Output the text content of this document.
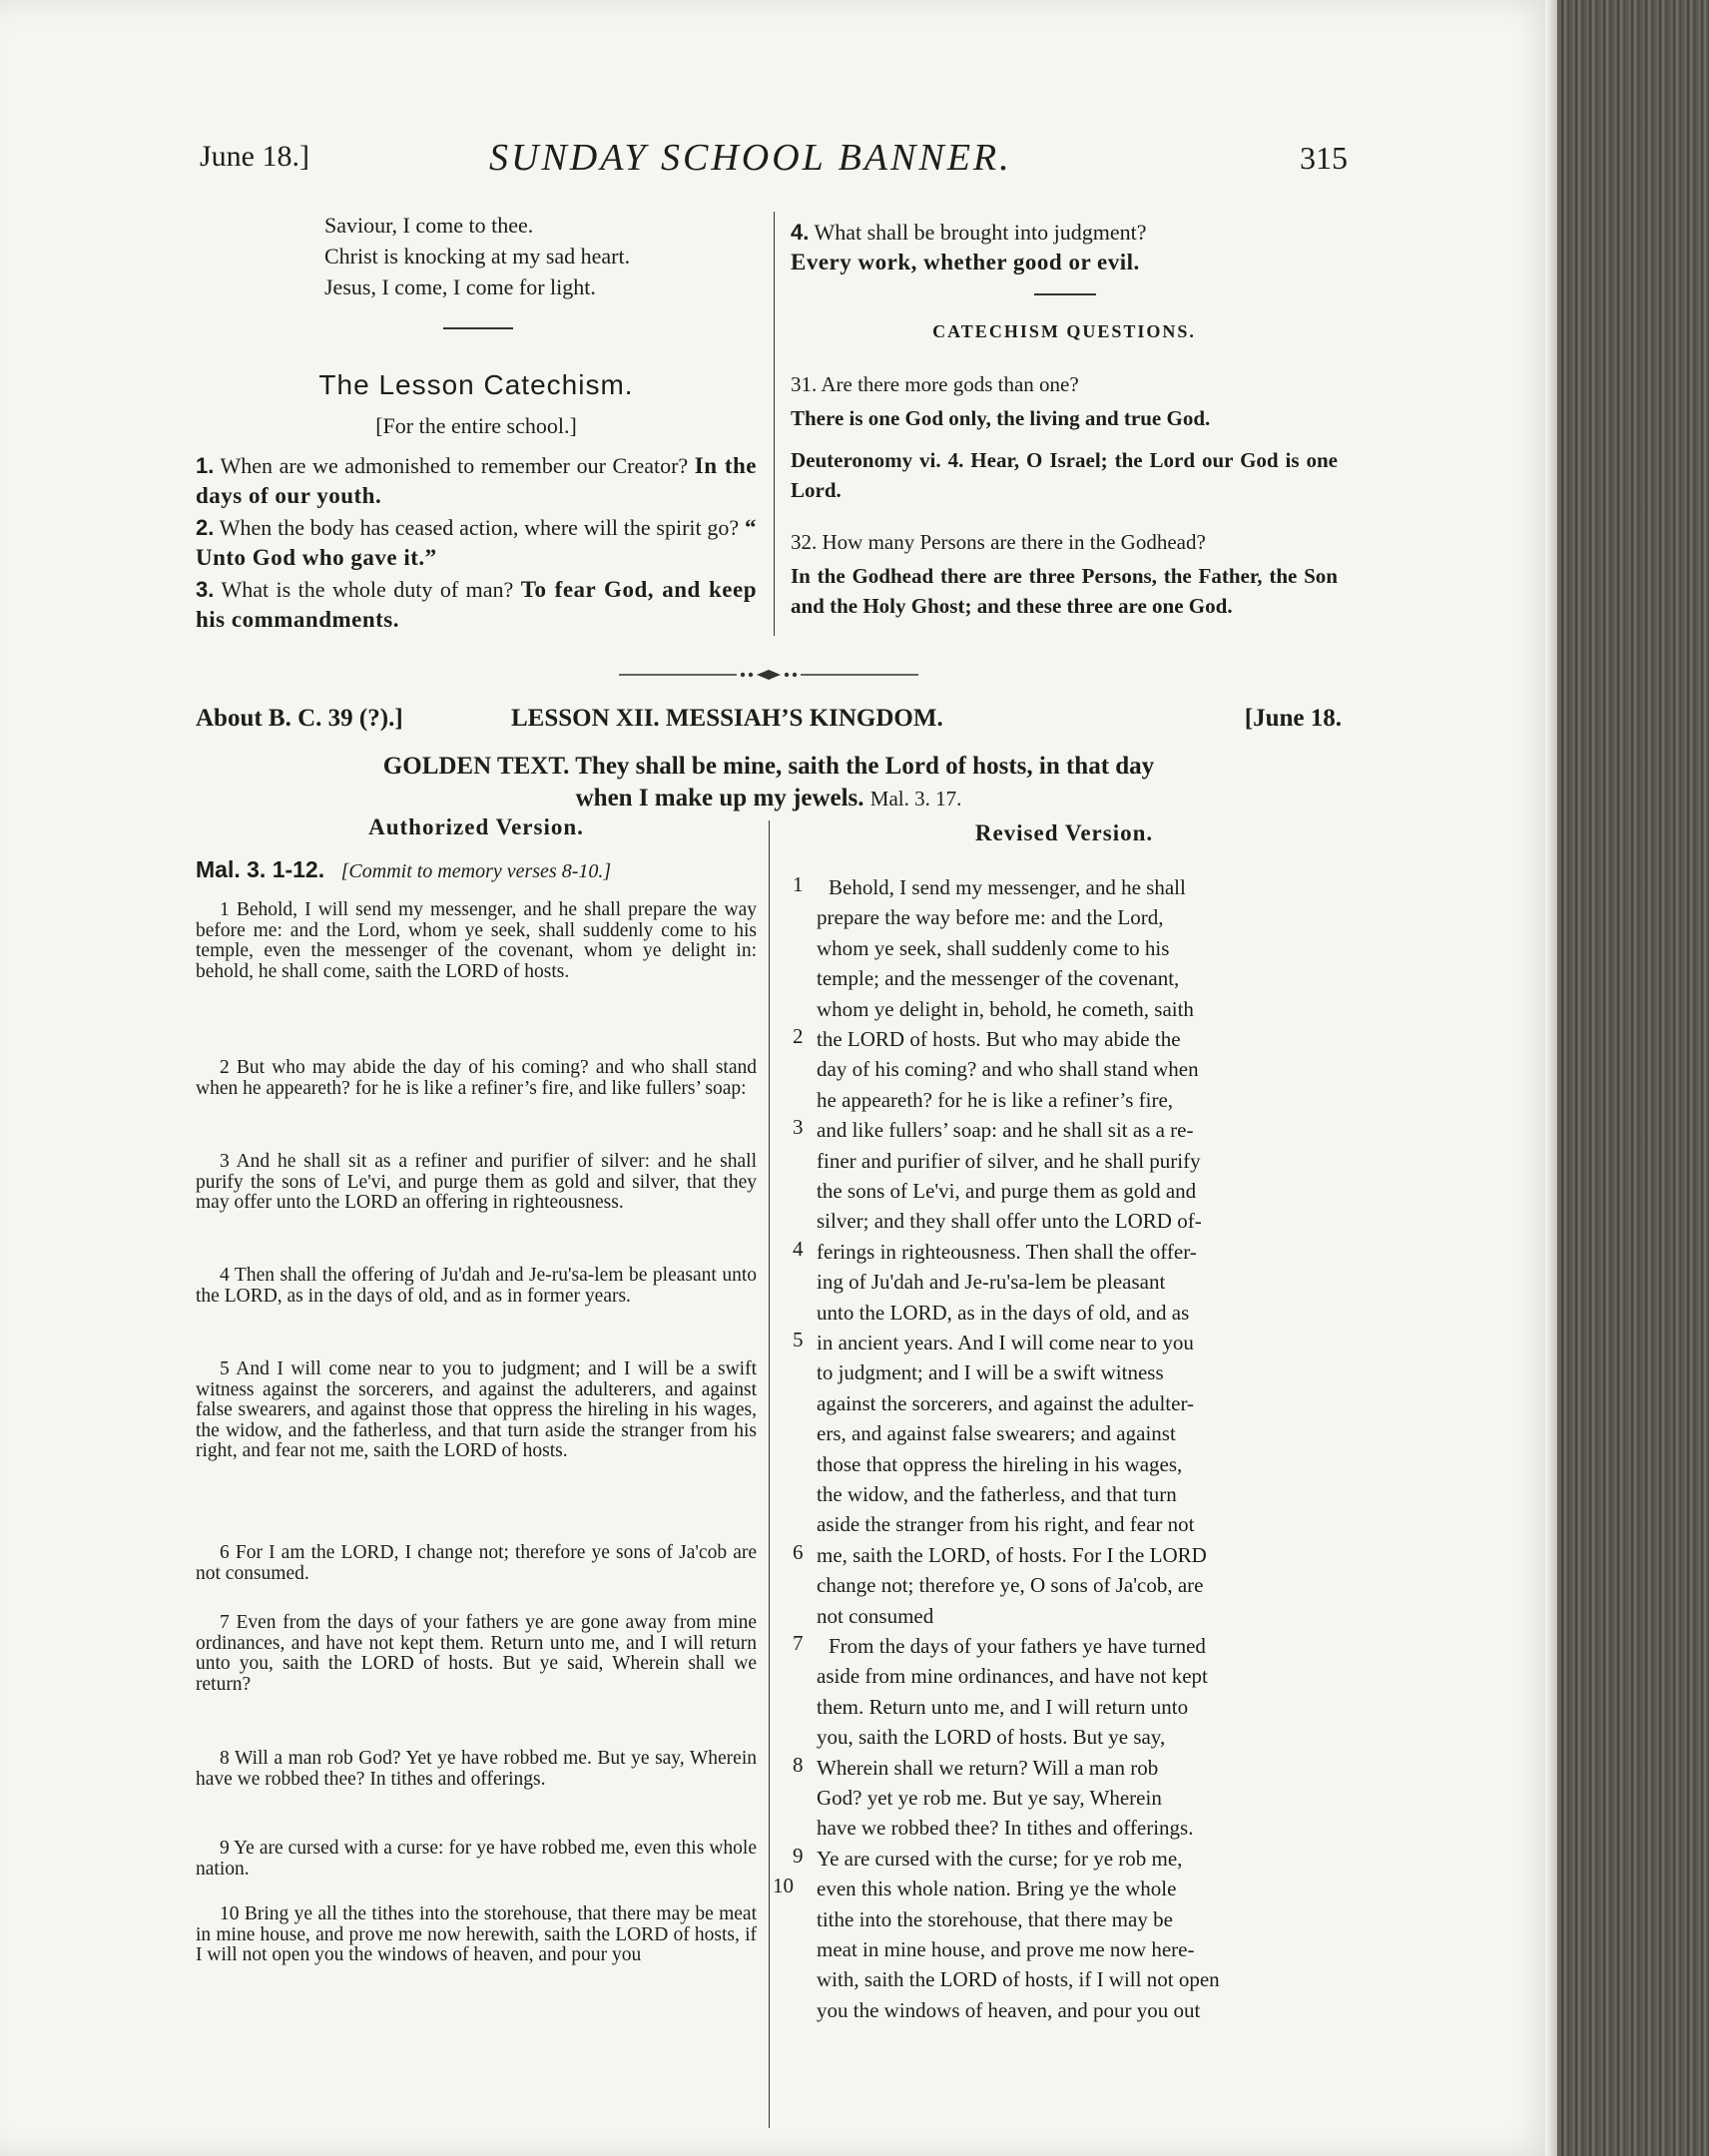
June 18.]	SUNDAY SCHOOL BANNER.	315
Saviour, I come to thee.
Christ is knocking at my sad heart.
Jesus, I come, I come for light.
The Lesson Catechism.
[For the entire school.]
1. When are we admonished to remember our Creator? In the days of our youth.
2. When the body has ceased action, where will the spirit go? “ Unto God who gave it.”
3. What is the whole duty of man? To fear God, and keep his commandments.
4. What shall be brought into judgment?
Every work, whether good or evil.
CATECHISM QUESTIONS.
31. Are there more gods than one?
There is one God only, the living and true God.
Deuteronomy vi. 4. Hear, O Israel; the Lord our God is one Lord.
32. How many Persons are there in the Godhead?
In the Godhead there are three Persons, the Father, the Son and the Holy Ghost; and these three are one God.
About B. C. 39 (?).]	LESSON XII. MESSIAH’S KINGDOM.	[June 18.
GOLDEN TEXT. They shall be mine, saith the Lord of hosts, in that day
when I make up my jewels. Mal. 3. 17.
Authorized Version.	Revised Version.
Mal. 3. 1-12. [Commit to memory verses 8-10.]
1 Behold, I will send my messenger, and he shall prepare the way before me: and the Lord, whom ye seek, shall suddenly come to his temple, even the messenger of the covenant, whom ye delight in: behold, he shall come, saith the LORD of hosts.
2 But who may abide the day of his coming? and who shall stand when he appeareth? for he is like a refiner’s fire, and like fullers’ soap:
3 And he shall sit as a refiner and purifier of silver: and he shall purify the sons of Le'vi, and purge them as gold and silver, that they may offer unto the LORD an offering in righteousness.
4 Then shall the offering of Ju'dah and Je-ru'sa-lem be pleasant unto the LORD, as in the days of old, and as in former years.
5 And I will come near to you to judgment; and I will be a swift witness against the sorcerers, and against the adulterers, and against false swearers, and against those that oppress the hireling in his wages, the widow, and the fatherless, and that turn aside the stranger from his right, and fear not me, saith the LORD of hosts.
6 For I am the LORD, I change not; therefore ye sons of Ja'cob are not consumed.
7 Even from the days of your fathers ye are gone away from mine ordinances, and have not kept them. Return unto me, and I will return unto you, saith the LORD of hosts. But ye said, Wherein shall we return?
8 Will a man rob God? Yet ye have robbed me. But ye say, Wherein have we robbed thee? In tithes and offerings.
9 Ye are cursed with a curse: for ye have robbed me, even this whole nation.
10 Bring ye all the tithes into the storehouse, that there may be meat in mine house, and prove me now herewith, saith the LORD of hosts, if I will not open you the windows of heaven, and pour you
Behold, I send my messenger, and he shall
prepare the way before me: and the Lord,
whom ye seek, shall suddenly come to his
temple; and the messenger of the covenant,
whom ye delight in, behold, he cometh, saith
the LORD of hosts. But who may abide the
day of his coming? and who shall stand when
he appeareth? for he is like a refiner’s fire,
and like fullers’ soap: and he shall sit as a re-
finer and purifier of silver, and he shall purify
the sons of Le'vi, and purge them as gold and
silver; and they shall offer unto the LORD of-
ferings in righteousness. Then shall the offer-
ing of Ju'dah and Je-ru'sa-lem be pleasant
unto the LORD, as in the days of old, and as
in ancient years. And I will come near to you
to judgment; and I will be a swift witness
against the sorcerers, and against the adulter-
ers, and against false swearers; and against
those that oppress the hireling in his wages,
the widow, and the fatherless, and that turn
aside the stranger from his right, and fear not
me, saith the LORD, of hosts. For I the LORD
change not; therefore ye, O sons of Ja'cob, are
not consumed
From the days of your fathers ye have turned
aside from mine ordinances, and have not kept
them. Return unto me, and I will return unto
you, saith the LORD of hosts. But ye say,
Wherein shall we return? Will a man rob
God? yet ye rob me. But ye say, Wherein
have we robbed thee? In tithes and offerings.
Ye are cursed with the curse; for ye rob me,
even this whole nation. Bring ye the whole
tithe into the storehouse, that there may be
meat in mine house, and prove me now here-
with, saith the LORD of hosts, if I will not open
you the windows of heaven, and pour you out
1
2
3
4
5
6
7
8
9
10
